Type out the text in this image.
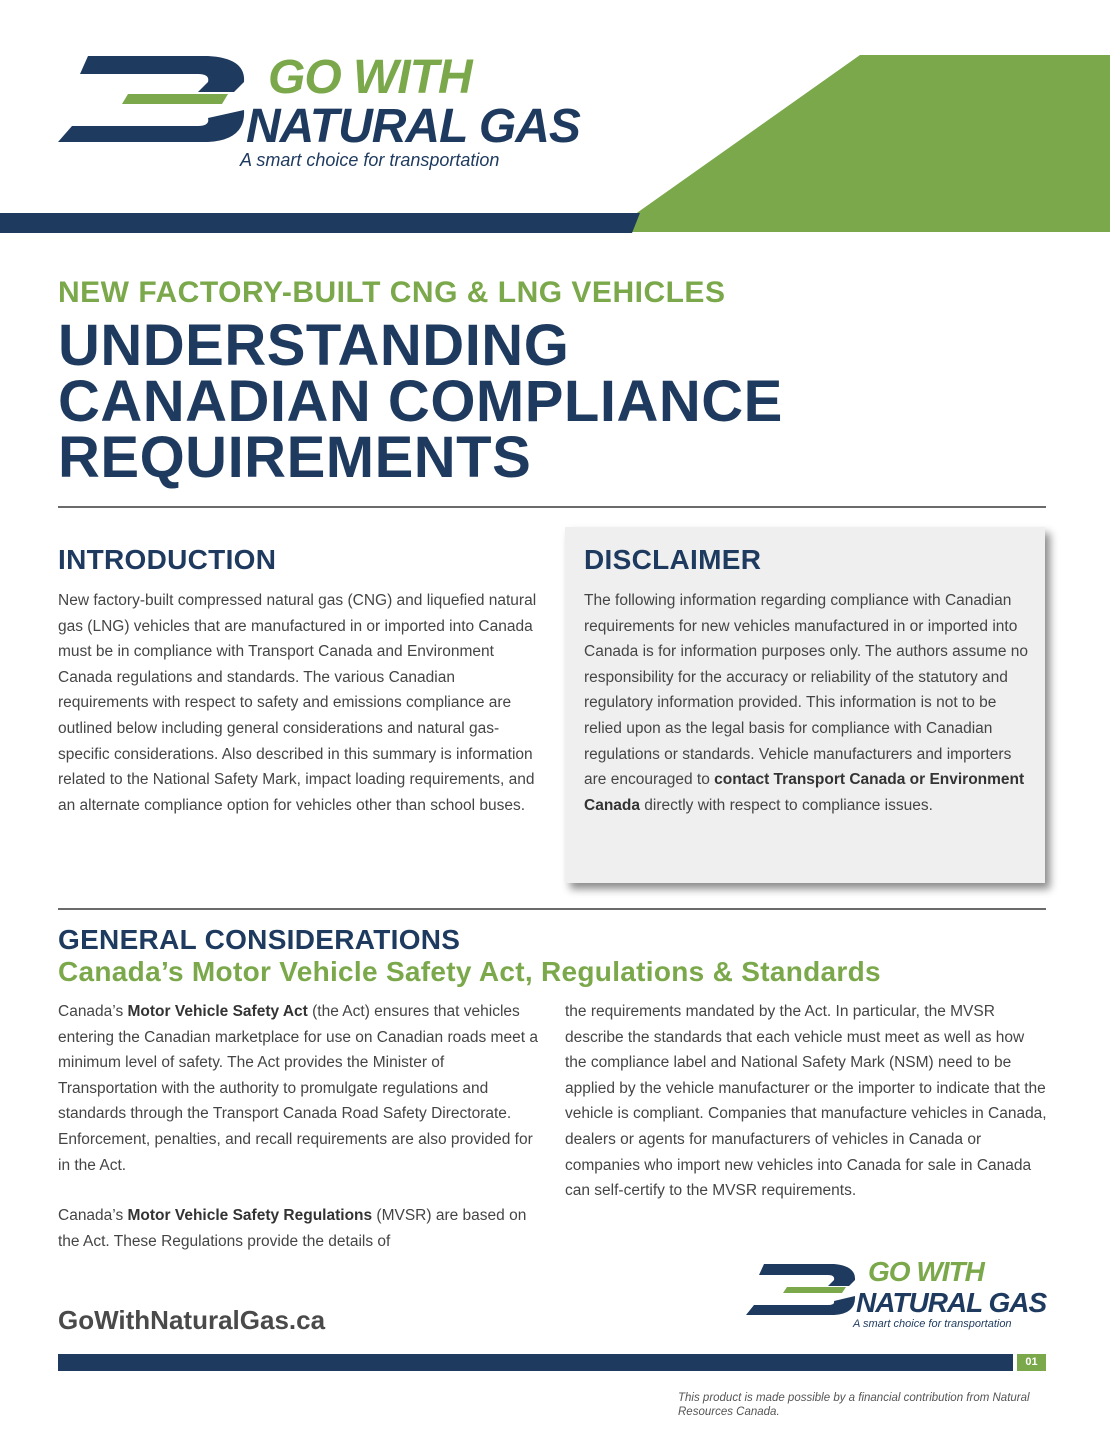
GO WITH
NATURAL GAS
A smart choice for transportation
NEW FACTORY-BUILT CNG & LNG VEHICLES
UNDERSTANDING
CANADIAN COMPLIANCE
REQUIREMENTS
INTRODUCTION

New factory-built compressed natural gas (CNG) and liquefied natural gas (LNG) vehicles that are manufactured in or imported into Canada must be in compliance with Transport Canada and Environment Canada regulations and standards. The various Canadian requirements with respect to safety and emissions compliance are outlined below including general considerations and natural gas-specific considerations. Also described in this summary is information related to the National Safety Mark, impact loading requirements, and an alternate compliance option for vehicles other than school buses.

DISCLAIMER

The following information regarding compliance with Canadian requirements for new vehicles manufactured in or imported into Canada is for information purposes only. The authors assume no responsibility for the accuracy or reliability of the statutory and regulatory information provided. This information is not to be relied upon as the legal basis for compliance with Canadian regulations or standards. Vehicle manufacturers and importers are encouraged to contact Transport Canada or Environment Canada directly with respect to compliance issues.

GENERAL CONSIDERATIONS
Canada’s Motor Vehicle Safety Act, Regulations & Standards

Canada’s Motor Vehicle Safety Act (the Act) ensures that vehicles entering the Canadian marketplace for use on Canadian roads meet a minimum level of safety. The Act provides the Minister of Transportation with the authority to promulgate regulations and standards through the Transport Canada Road Safety Directorate. Enforcement, penalties, and recall requirements are also provided for in the Act.

Canada’s Motor Vehicle Safety Regulations (MVSR) are based on the Act. These Regulations provide the details of

the requirements mandated by the Act. In particular, the MVSR describe the standards that each vehicle must meet as well as how the compliance label and National Safety Mark (NSM) need to be applied by the vehicle manufacturer or the importer to indicate that the vehicle is compliant. Companies that manufacture vehicles in Canada, dealers or agents for manufacturers of vehicles in Canada or companies who import new vehicles into Canada for sale in Canada can self-certify to the MVSR requirements.

GoWithNaturalGas.ca
GO WITH
NATURAL GAS
A smart choice for transportation
01
This product is made possible by a financial contribution from Natural Resources Canada.
